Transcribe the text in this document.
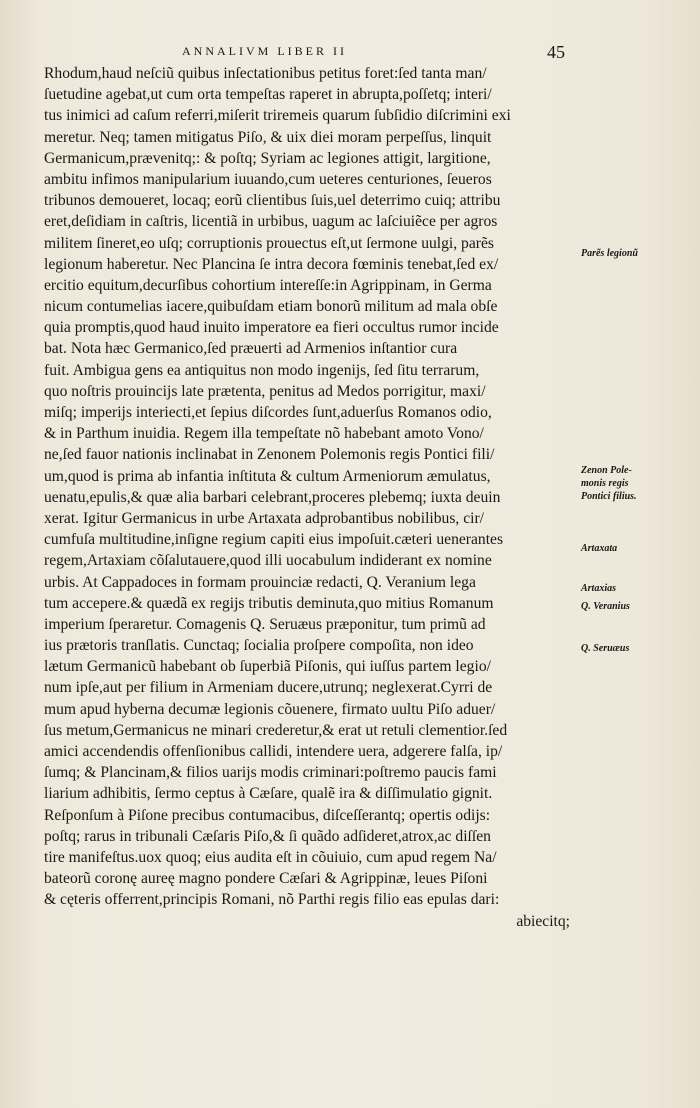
ANNALIVM LIBER II	45
Rhodum,haud neſciũ quibus inſectationibus petitus foret:ſed tanta man/
ſuetudine agebat,ut cum orta tempeſtas raperet in abrupta,poſſetq; interi/
tus inimici ad caſum referri,miſerit triremeis quarum ſubſidio diſcrimini exi
meretur. Neq; tamen mitigatus Piſo, & uix diei moram perpeſſus, linquit
Germanicum,prævenitq;: & poſtq; Syriam ac legiones attigit, largitione,
ambitu infimos manipularium iuuando,cum ueteres centuriones, ſeueros
tribunos demoueret, locaq; eorũ clientibus ſuis,uel deterrimo cuiq; attribu
eret,deſidiam in caſtris, licentiã in urbibus, uagum ac laſciuiẽce per agros
militem ſineret,eo uſq; corruptionis prouectus eſt,ut ſermone uulgi, parẽs
legionum haberetur. Nec Plancina ſe intra decora fœminis tenebat,ſed ex/
ercitio equitum,decurſibus cohortium intereſſe:in Agrippinam, in Germa
nicum contumelias iacere,quibuſdam etiam bonorũ militum ad mala obſe
quia promptis,quod haud inuito imperatore ea fieri occultus rumor incide
bat. Nota hæc Germanico,ſed præuerti ad Armenios inſtantior cura
fuit. Ambigua gens ea antiquitus non modo ingenijs, ſed ſitu terrarum,
quo noſtris prouincijs late prætenta, penitus ad Medos porrigitur, maxi/
miſq; imperijs interiecti,et ſepius diſcordes ſunt,aduerſus Romanos odio,
& in Parthum inuidia. Regem illa tempeſtate nõ habebant amoto Vono/
ne,ſed fauor nationis inclinabat in Zenonem Polemonis regis Pontici fili/
um,quod is prima ab infantia inſtituta & cultum Armeniorum æmulatus,
uenatu,epulis,& quæ alia barbari celebrant,proceres plebemq; iuxta deuin
xerat. Igitur Germanicus in urbe Artaxata adprobantibus nobilibus, cir/
cumfuſa multitudine,inſigne regium capiti eius impoſuit.cæteri uenerantes
regem,Artaxiam cõſalutauere,quod illi uocabulum indiderant ex nomine
urbis. At Cappadoces in formam prouinciæ redacti, Q. Veranium lega
tum accepere.& quædã ex regijs tributis deminuta,quo mitius Romanum
imperium ſperaretur. Comagenis Q. Seruæus præponitur, tum primũ ad
ius prætoris tranſlatis. Cunctaq; ſocialia proſpere compoſita, non ideo
lætum Germanicũ habebant ob ſuperbiã Piſonis, qui iuſſus partem legio/
num ipſe,aut per filium in Armeniam ducere,utrunq; neglexerat.Cyrri de
mum apud hyberna decumæ legionis cõuenere, firmato uultu Piſo aduer/
ſus metum,Germanicus ne minari crederetur,& erat ut retuli clementior.ſed
amici accendendis offenſionibus callidi, intendere uera, adgerere falſa, ip/
ſumq; & Plancinam,& filios uarijs modis criminari:poſtremo paucis fami
liarium adhibitis, ſermo ceptus à Cæſare, qualẽ ira & diſſimulatio gignit.
Reſponſum à Piſone precibus contumacibus, diſceſſerantq; opertis odijs:
poſtq; rarus in tribunali Cæſaris Piſo,& ſi quãdo adſideret,atrox,ac diſſen
tire manifeſtus.uox quoq; eius audita eſt in cõuiuio, cum apud regem Na/
bateorũ coronę aureę magno pondere Cæſari & Agrippinæ, leues Piſoni
& cęteris offerrent,principis Romani, nõ Parthi regis filio eas epulas dari:
abiecitq;
Parẽs legionũ
Zenon Pole-
monis regis
Pontici filius.
Artaxata
Artaxias
Q. Veranius
Q. Seruæus
